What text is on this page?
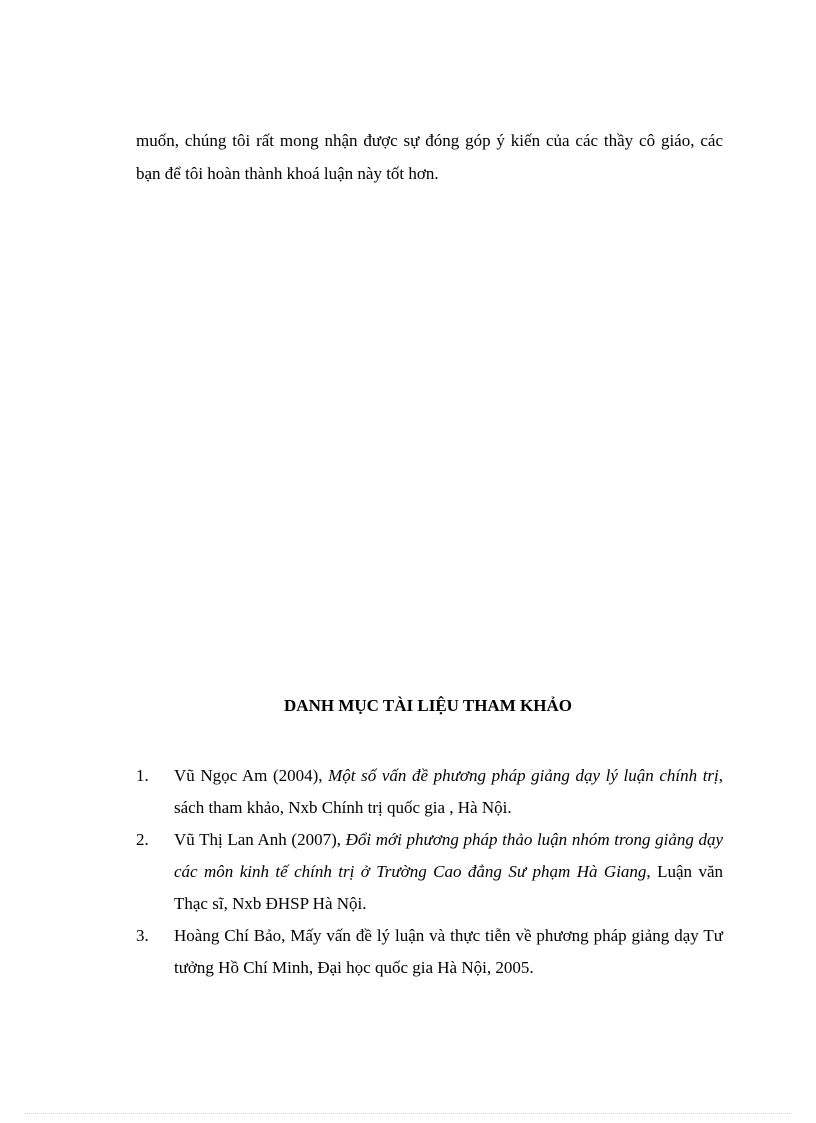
muốn, chúng tôi rất mong nhận được sự đóng góp ý kiến của các thầy cô giáo, các bạn để tôi hoàn thành khoá luận này tốt hơn.

DANH MỤC TÀI LIỆU THAM KHẢO
1. Vũ Ngọc Am (2004), Một số vấn đề phương pháp giảng dạy lý luận chính trị, sách tham khảo, Nxb Chính trị quốc gia , Hà Nội.
2. Vũ Thị Lan Anh (2007), Đổi mới phương pháp thảo luận nhóm trong giảng dạy các môn kinh tế chính trị ở Trường Cao đẳng Sư phạm Hà Giang, Luận văn Thạc sĩ, Nxb ĐHSP Hà Nội.
3. Hoàng Chí Bảo, Mấy vấn đề lý luận và thực tiễn về phương pháp giảng dạy Tư tưởng Hồ Chí Minh, Đại học quốc gia Hà Nội, 2005.
